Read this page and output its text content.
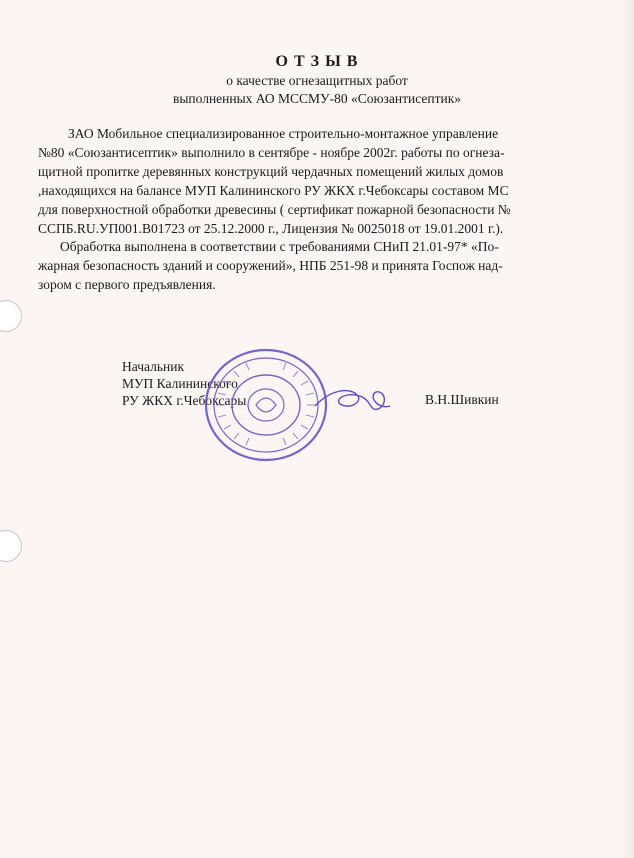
О Т З Ы В
о качестве огнезащитных работ
выполненных АО МССМУ-80 «Союзантисептик»
ЗАО Мобильное специализированное строительно-монтажное управление
№80 «Союзантисептик» выполнило в сентябре - ноябре 2002г. работы по огнеза-
щитной пропитке деревянных конструкций чердачных помещений жилых домов
,находящихся на балансе МУП Калининского РУ ЖКХ г.Чебоксары составом МС
для поверхностной обработки древесины ( сертификат пожарной безопасности №
ССПБ.RU.УП001.В01723 от 25.12.2000 г., Лицензия № 0025018 от 19.01.2001 г.).
Обработка выполнена в соответствии с требованиями СНиП 21.01-97* «По-
жарная безопасность зданий и сооружений», НПБ 251-98 и принята Госпож над-
зором с первого предъявления.
Начальник
МУП Калининского
РУ ЖКХ г.Чебоксары	В.Н.Шивкин
